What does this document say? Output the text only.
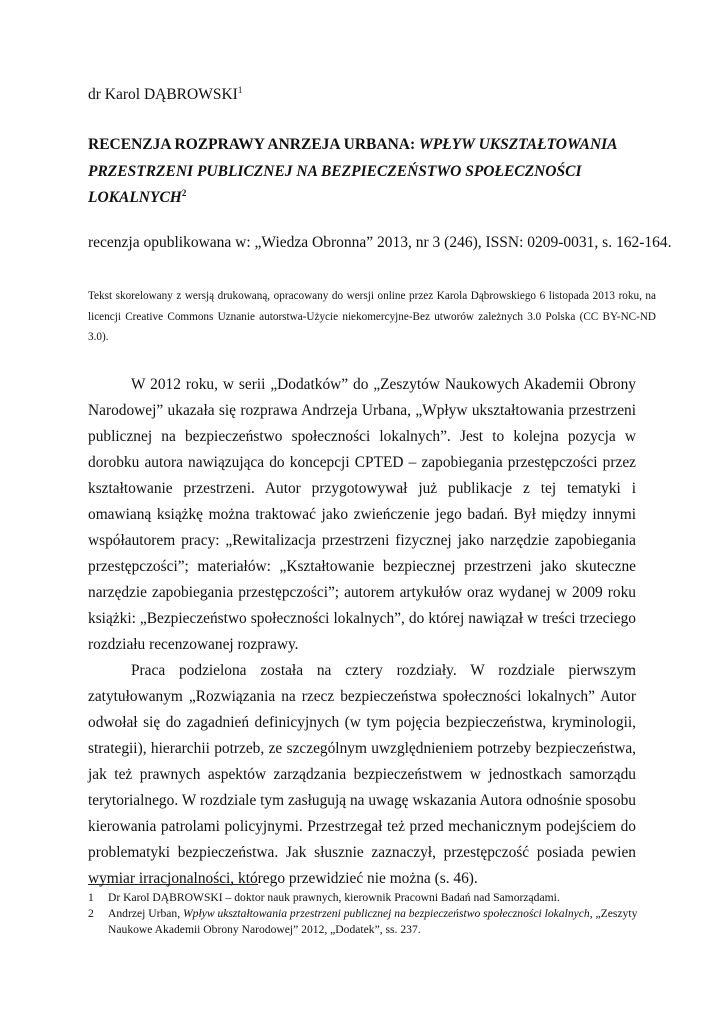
dr Karol DĄBROWSKI$^1$
RECENZJA ROZPRAWY ANRZEJA URBANA: WPŁYW UKSZTAŁTOWANIA PRZESTRZENI PUBLICZNEJ NA BEZPIECZEŃSTWO SPOŁECZNOŚCI LOKALNYCH$^2$
recenzja opublikowana w: „Wiedza Obronna” 2013, nr 3 (246), ISSN: 0209-0031, s. 162-164.
Tekst skorelowany z wersją drukowaną, opracowany do wersji online przez Karola Dąbrowskiego 6 listopada 2013 roku, na licencji Creative Commons Uznanie autorstwa-Użycie niekomercyjne-Bez utworów zależnych 3.0 Polska (CC BY-NC-ND 3.0).

W 2012 roku, w serii „Dodatków” do „Zeszytów Naukowych Akademii Obrony Narodowej” ukazała się rozprawa Andrzeja Urbana, „Wpływ ukształtowania przestrzeni publicznej na bezpieczeństwo społeczności lokalnych”. Jest to kolejna pozycja w dorobku autora nawiązująca do koncepcji CPTED – zapobiegania przestępczości przez kształtowanie przestrzeni. Autor przygotowywał już publikacje z tej tematyki i omawianą książkę można traktować jako zwieńczenie jego badań. Był między innymi współautorem pracy: „Rewitalizacja przestrzeni fizycznej jako narzędzie zapobiegania przestępczości”; materiałów: „Kształtowanie bezpiecznej przestrzeni jako skuteczne narzędzie zapobiegania przestępczości”; autorem artykułów oraz wydanej w 2009 roku książki: „Bezpieczeństwo społeczności lokalnych”, do której nawiązał w treści trzeciego rozdziału recenzowanej rozprawy.

Praca podzielona została na cztery rozdziały. W rozdziale pierwszym zatytułowanym „Rozwiązania na rzecz bezpieczeństwa społeczności lokalnych” Autor odwołał się do zagadnień definicyjnych (w tym pojęcia bezpieczeństwa, kryminologii, strategii), hierarchii potrzeb, ze szczególnym uwzględnieniem potrzeby bezpieczeństwa, jak też prawnych aspektów zarządzania bezpieczeństwem w jednostkach samorządu terytorialnego. W rozdziale tym zasługują na uwagę wskazania Autora odnośnie sposobu kierowania patrolami policyjnymi. Przestrzegał też przed mechanicznym podejściem do problematyki bezpieczeństwa. Jak słusznie zaznaczył, przestępczość posiada pewien wymiar irracjonalności, którego przewidzieć nie można (s. 46).

1 Dr Karol DĄBROWSKI – doktor nauk prawnych, kierownik Pracowni Badań nad Samorządami.
2 Andrzej Urban, Wpływ ukształtowania przestrzeni publicznej na bezpieczeństwo społeczności lokalnych, „Zeszyty Naukowe Akademii Obrony Narodowej” 2012, „Dodatek”, ss. 237.
